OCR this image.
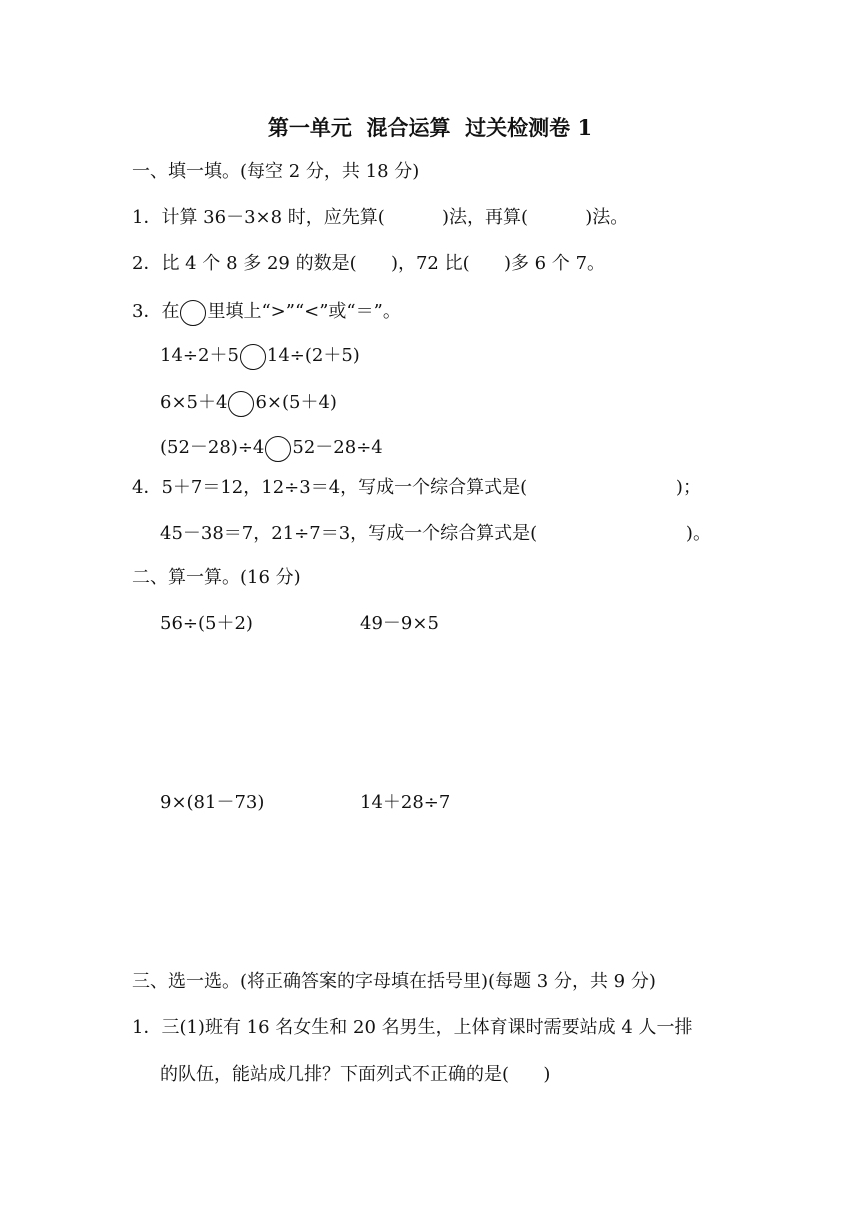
第一单元  混合运算  过关检测卷 1
一、填一填。(每空 2 分，共 18 分)
1．计算 36－3×8 时，应先算(          )法，再算(          )法。
2．比 4 个 8 多 29 的数是(      )，72 比(      )多 6 个 7。
3．在 里填上“>”“<”或“＝”。
14÷2＋5 14÷(2＋5)
6×5＋4 6×(5＋4)
(52－28)÷4 52－28÷4
4．5＋7＝12，12÷3＝4，写成一个综合算式是(                          )；
45－38＝7，21÷7＝3，写成一个综合算式是(                          )。
二、算一算。(16 分)
56÷(5＋2)	49－9×5
9×(81－73)	14＋28÷7
三、选一选。(将正确答案的字母填在括号里)(每题 3 分，共 9 分)
1．三(1)班有 16 名女生和 20 名男生，上体育课时需要站成 4 人一排
的队伍，能站成几排？下面列式不正确的是(      )
